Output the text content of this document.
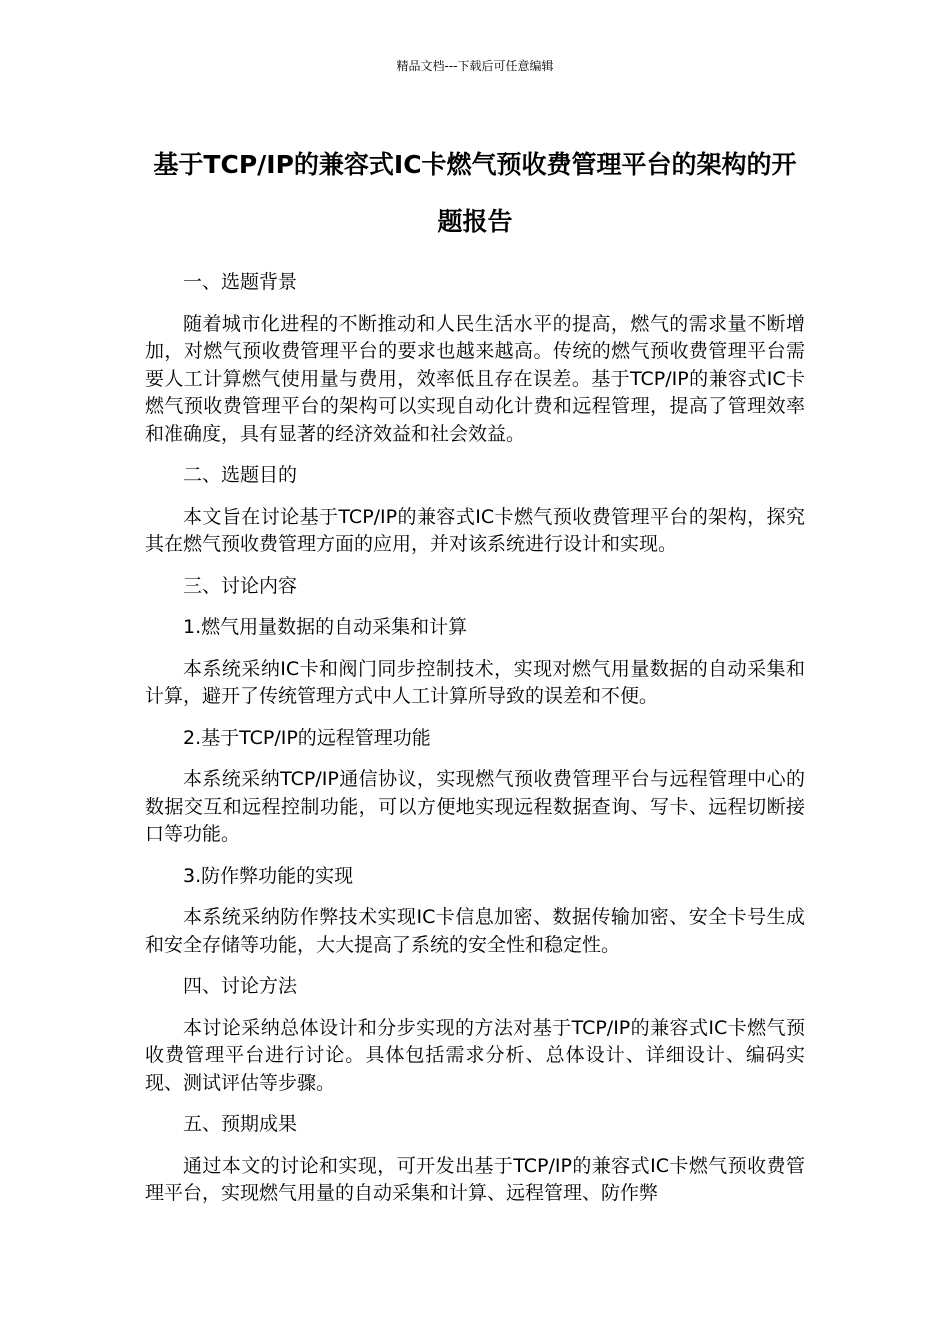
精品文档---下载后可任意编辑
基于TCP/IP的兼容式IC卡燃气预收费管理平台的架构的开题报告

一、选题背景

随着城市化进程的不断推动和人民生活水平的提高，燃气的需求量不断增加，对燃气预收费管理平台的要求也越来越高。传统的燃气预收费管理平台需要人工计算燃气使用量与费用，效率低且存在误差。基于TCP/IP的兼容式IC卡燃气预收费管理平台的架构可以实现自动化计费和远程管理，提高了管理效率和准确度，具有显著的经济效益和社会效益。

二、选题目的

本文旨在讨论基于TCP/IP的兼容式IC卡燃气预收费管理平台的架构，探究其在燃气预收费管理方面的应用，并对该系统进行设计和实现。

三、讨论内容

1.燃气用量数据的自动采集和计算

本系统采纳IC卡和阀门同步控制技术，实现对燃气用量数据的自动采集和计算，避开了传统管理方式中人工计算所导致的误差和不便。

2.基于TCP/IP的远程管理功能

本系统采纳TCP/IP通信协议，实现燃气预收费管理平台与远程管理中心的数据交互和远程控制功能，可以方便地实现远程数据查询、写卡、远程切断接口等功能。

3.防作弊功能的实现

本系统采纳防作弊技术实现IC卡信息加密、数据传输加密、安全卡号生成和安全存储等功能，大大提高了系统的安全性和稳定性。

四、讨论方法

本讨论采纳总体设计和分步实现的方法对基于TCP/IP的兼容式IC卡燃气预收费管理平台进行讨论。具体包括需求分析、总体设计、详细设计、编码实现、测试评估等步骤。

五、预期成果

通过本文的讨论和实现，可开发出基于TCP/IP的兼容式IC卡燃气预收费管理平台，实现燃气用量的自动采集和计算、远程管理、防作弊
